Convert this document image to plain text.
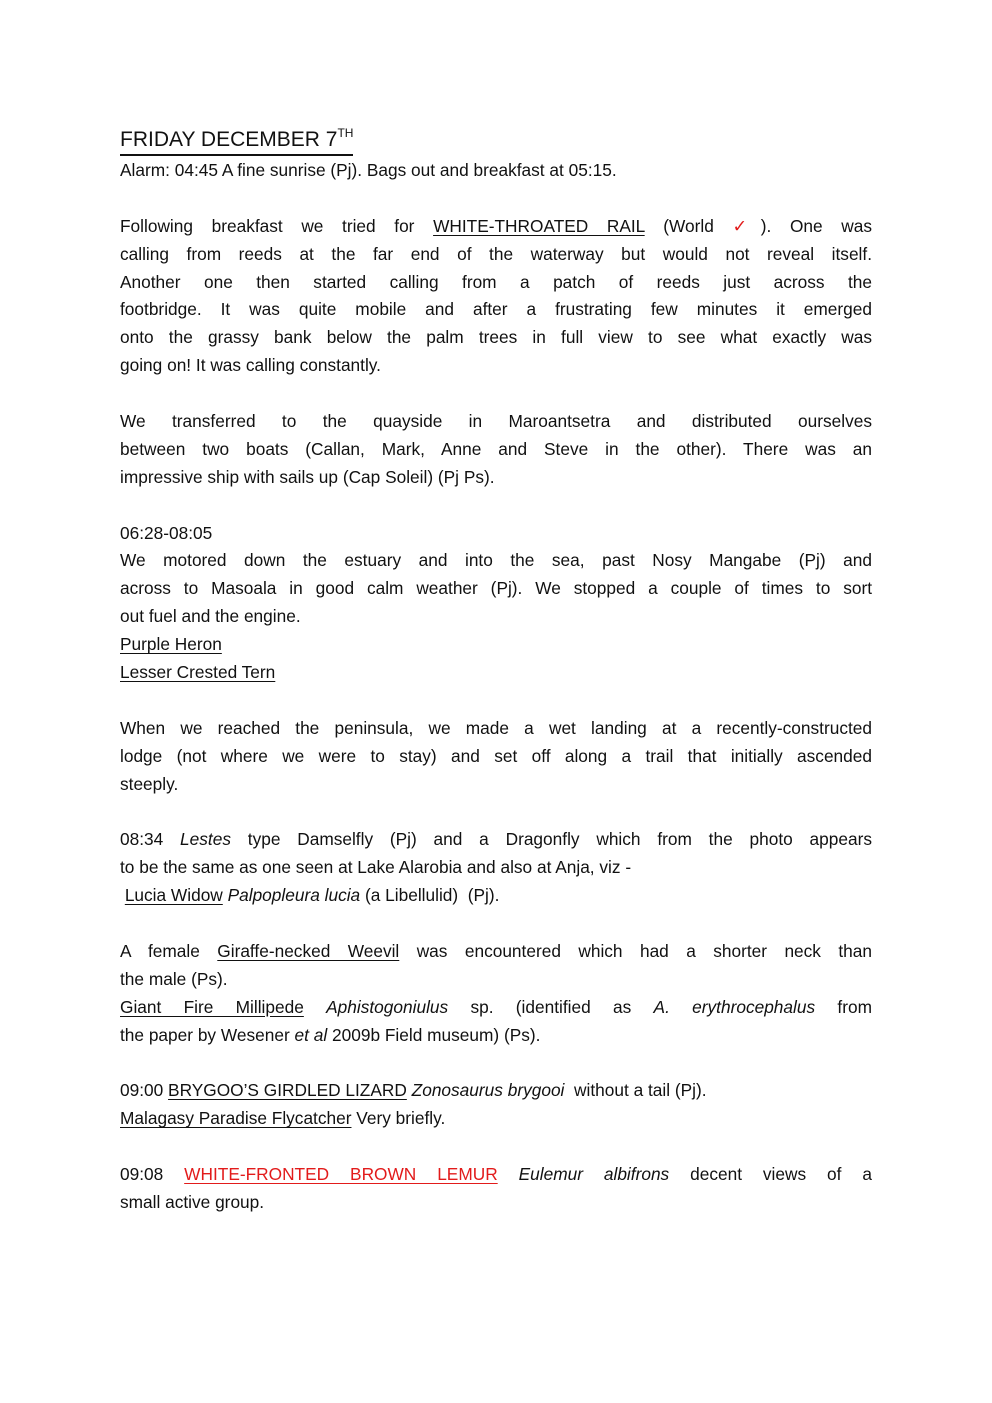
FRIDAY DECEMBER 7TH
Alarm: 04:45 A fine sunrise (Pj). Bags out and breakfast at 05:15.
Following breakfast we tried for WHITE-THROATED RAIL (World ✓). One was
calling from reeds at the far end of the waterway but would not reveal itself.
Another one then started calling from a patch of reeds just across the
footbridge. It was quite mobile and after a frustrating few minutes it emerged
onto the grassy bank below the palm trees in full view to see what exactly was
going on! It was calling constantly.
We transferred to the quayside in Maroantsetra and distributed ourselves
between two boats (Callan, Mark, Anne and Steve in the other). There was an
impressive ship with sails up (Cap Soleil) (Pj Ps).
06:28-08:05
We motored down the estuary and into the sea, past Nosy Mangabe (Pj) and
across to Masoala in good calm weather (Pj). We stopped a couple of times to sort
out fuel and the engine.
Purple Heron
Lesser Crested Tern
When we reached the peninsula, we made a wet landing at a recently-constructed
lodge (not where we were to stay) and set off along a trail that initially ascended
steeply.
08:34 Lestes type Damselfly (Pj) and a Dragonfly which from the photo appears
to be the same as one seen at Lake Alarobia and also at Anja, viz -
Lucia Widow Palpopleura lucia (a Libellulid)  (Pj).
A female Giraffe-necked Weevil was encountered which had a shorter neck than
the male (Ps).
Giant Fire Millipede Aphistogoniulus sp. (identified as A. erythrocephalus from
the paper by Wesener et al 2009b Field museum) (Ps).
09:00 BRYGOO’S GIRDLED LIZARD Zonosaurus brygooi  without a tail (Pj).
Malagasy Paradise Flycatcher Very briefly.
09:08 WHITE-FRONTED BROWN LEMUR Eulemur albifrons decent views of a
small active group.
